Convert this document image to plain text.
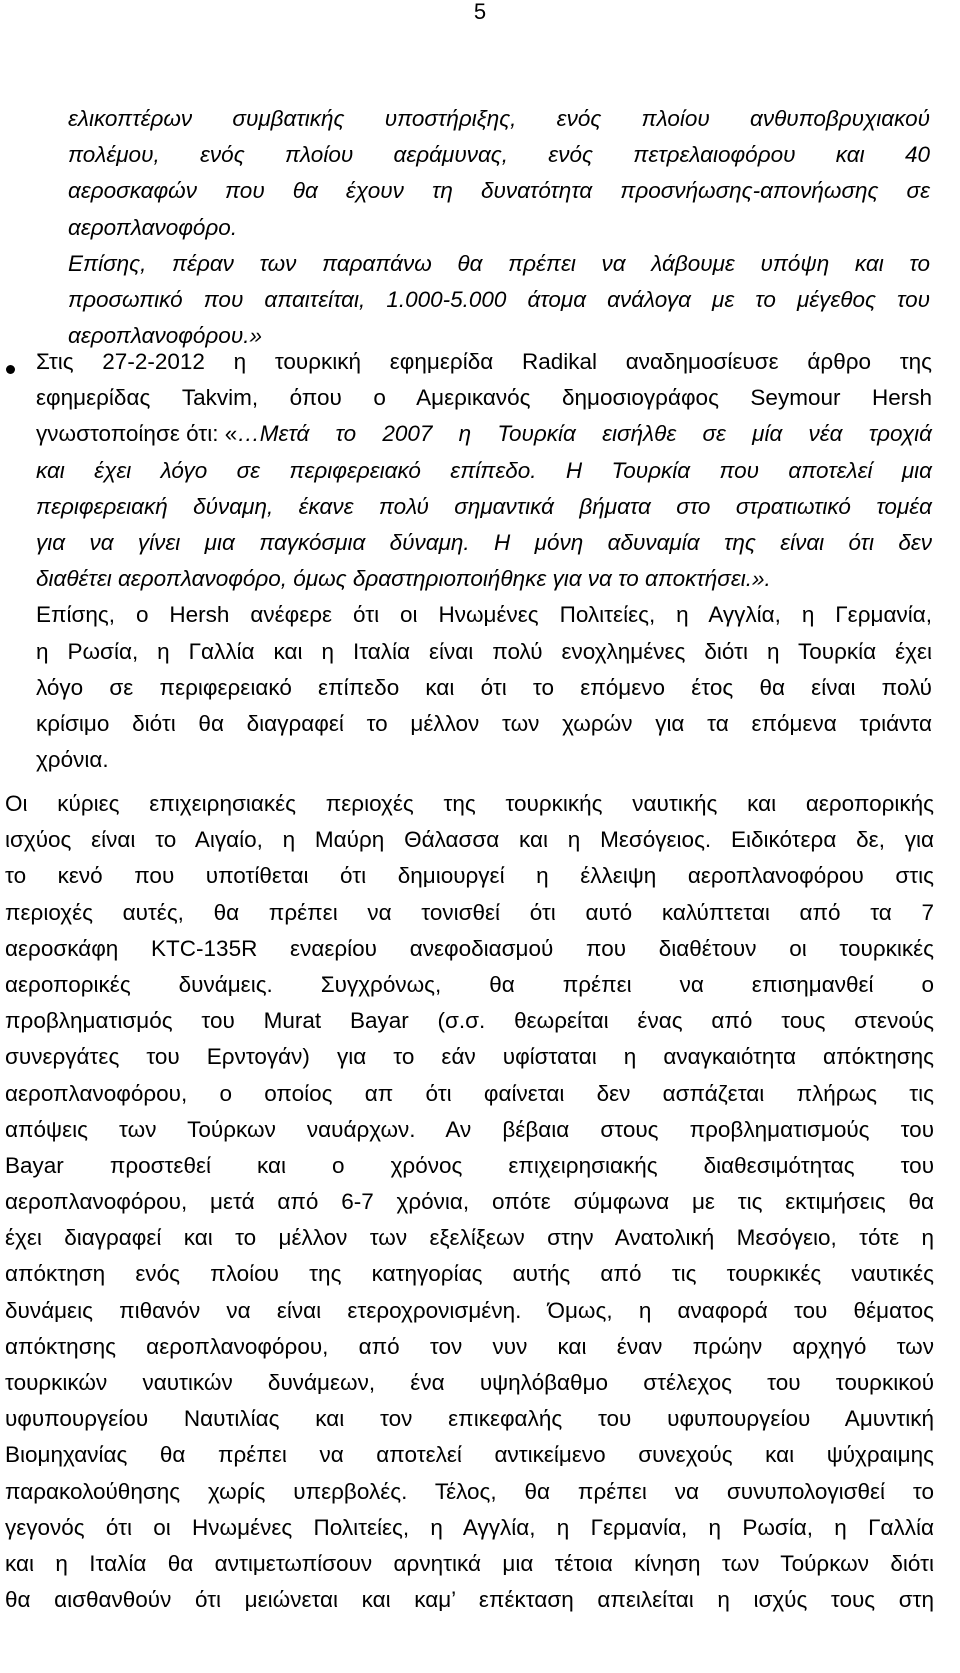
5
ελικοπτέρων συμβατικής υποστήριξης, ενός πλοίου ανθυποβρυχιακού
πολέμου, ενός πλοίου αεράμυνας, ενός πετρελαιοφόρου και 40
αεροσκαφών που θα έχουν τη δυνατότητα προσνήωσης-απονήωσης σε
αεροπλανοφόρο.
Επίσης, πέραν των παραπάνω θα πρέπει να λάβουμε υπόψη και το
προσωπικό που απαιτείται, 1.000-5.000 άτομα ανάλογα με το μέγεθος του
αεροπλανοφόρου.»
Στις 27-2-2012 η τουρκική εφημερίδα Radikal αναδημοσίευσε άρθρο της
εφημερίδας Takvim, όπου ο Αμερικανός δημοσιογράφος Seymour Hersh
γνωστοποίησε ότι: « …Μετά το 2007 η Τουρκία εισήλθε σε μία νέα τροχιά
και έχει λόγο σε περιφερειακό επίπεδο. Η Τουρκία που αποτελεί μια
περιφερειακή δύναμη, έκανε πολύ σημαντικά βήματα στο στρατιωτικό τομέα
για να γίνει μια παγκόσμια δύναμη. Η μόνη αδυναμία της είναι ότι δεν
διαθέτει αεροπλανοφόρο, όμως δραστηριοποιήθηκε για να το αποκτήσει.».
Επίσης, ο Hersh ανέφερε ότι οι Ηνωμένες Πολιτείες, η Αγγλία, η Γερμανία,
η Ρωσία, η Γαλλία και η Ιταλία είναι πολύ ενοχλημένες διότι η Τουρκία έχει
λόγο σε περιφερειακό επίπεδο και ότι το επόμενο έτος θα είναι πολύ
κρίσιμο διότι θα διαγραφεί το μέλλον των χωρών για τα επόμενα τριάντα
χρόνια.
Οι κύριες επιχειρησιακές περιοχές της τουρκικής ναυτικής και αεροπορικής
ισχύος είναι το Αιγαίο, η Μαύρη Θάλασσα και η Μεσόγειος. Ειδικότερα δε, για
το κενό που υποτίθεται ότι δημιουργεί η έλλειψη αεροπλανοφόρου στις
περιοχές αυτές, θα πρέπει να τονισθεί ότι αυτό καλύπτεται από τα 7
αεροσκάφη KTC-135R εναερίου ανεφοδιασμού που διαθέτουν οι τουρκικές
αεροπορικές δυνάμεις. Συγχρόνως, θα πρέπει να επισημανθεί ο
προβληματισμός του Murat Bayar (σ.σ. θεωρείται ένας από τους στενούς
συνεργάτες του Ερντογάν) για το εάν υφίσταται η αναγκαιότητα απόκτησης
αεροπλανοφόρου, ο οποίος απ ότι φαίνεται δεν ασπάζεται πλήρως τις
απόψεις των Τούρκων ναυάρχων. Αν βέβαια στους προβληματισμούς του
Bayar προστεθεί και ο χρόνος επιχειρησιακής διαθεσιμότητας του
αεροπλανοφόρου, μετά από 6-7 χρόνια, οπότε σύμφωνα με τις εκτιμήσεις θα
έχει διαγραφεί και το μέλλον των εξελίξεων στην Ανατολική Μεσόγειο, τότε η
απόκτηση ενός πλοίου της κατηγορίας αυτής από τις τουρκικές ναυτικές
δυνάμεις πιθανόν να είναι ετεροχρονισμένη. Όμως, η αναφορά του θέματος
απόκτησης αεροπλανοφόρου, από τον νυν και έναν πρώην αρχηγό των
τουρκικών ναυτικών δυνάμεων, ένα υψηλόβαθμο στέλεχος του τουρκικού
υφυπουργείου Ναυτιλίας και τον επικεφαλής του υφυπουργείου Αμυντική
Βιομηχανίας θα πρέπει να αποτελεί αντικείμενο συνεχούς και ψύχραιμης
παρακολούθησης χωρίς υπερβολές. Τέλος, θα πρέπει να συνυπολογισθεί το
γεγονός ότι οι Ηνωμένες Πολιτείες, η Αγγλία, η Γερμανία, η Ρωσία, η Γαλλία
και η Ιταλία θα αντιμετωπίσουν αρνητικά μια τέτοια κίνηση των Τούρκων διότι
θα αισθανθούν ότι μειώνεται και καμ’ επέκταση απειλείται η ισχύς τους στη
